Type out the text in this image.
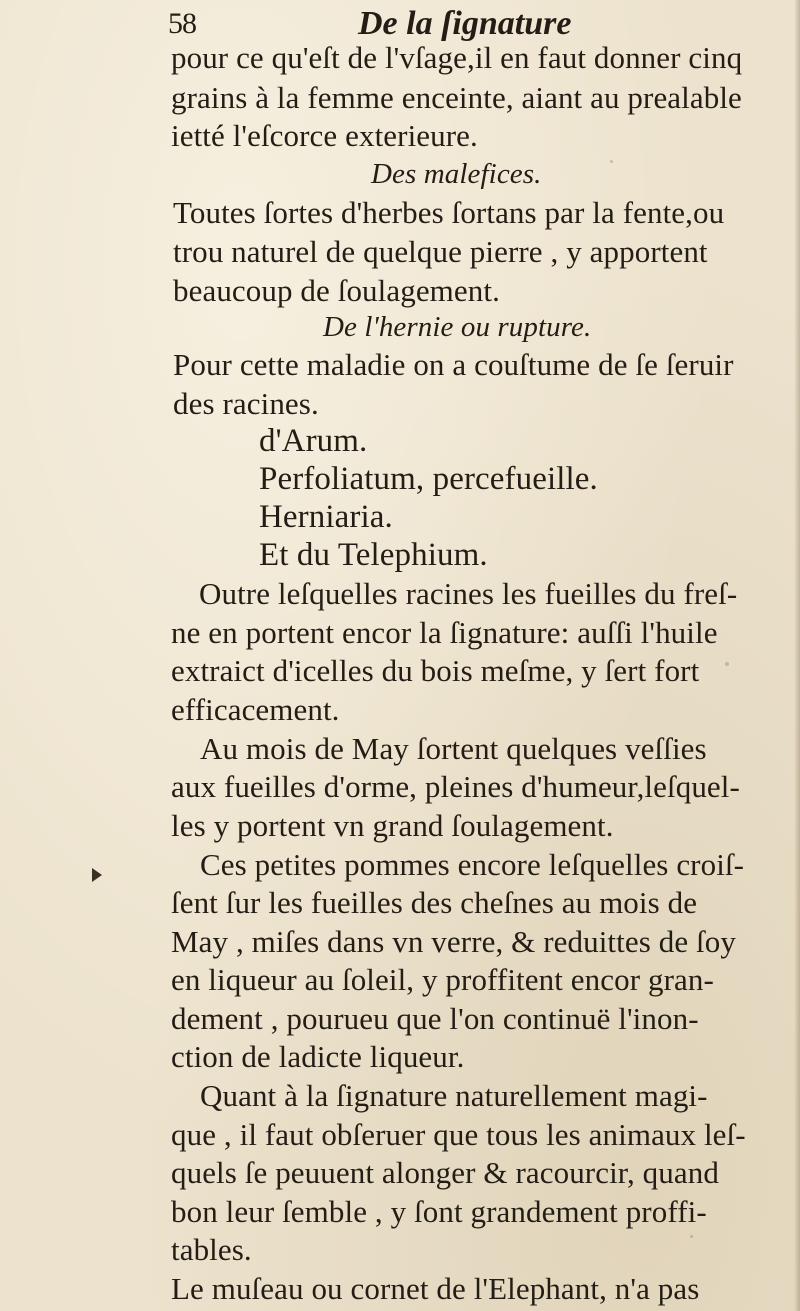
58	De la ſignature
pour ce qu'eſt de l'vſage,il en faut donner cinq
grains à la femme enceinte, aiant au prealable
ietté l'eſcorce exterieure.
Des malefices.
Toutes ſortes d'herbes ſortans par la fente,ou
trou naturel de quelque pierre , y apportent
beaucoup de ſoulagement.
De l'hernie ou rupture.
Pour cette maladie on a couſtume de ſe ſeruir
des racines.
d'Arum.
Perfoliatum, percefueille.
Herniaria.
Et du Telephium.
Outre leſquelles racines les fueilles du freſ-
ne en portent encor la ſignature: auſſi l'huile
extraict d'icelles du bois meſme, y ſert fort
efficacement.
Au mois de May ſortent quelques veſſies
aux fueilles d'orme, pleines d'humeur,leſquel-
les y portent vn grand ſoulagement.
Ces petites pommes encore leſquelles croiſ-
ſent ſur les fueilles des cheſnes au mois de
May , miſes dans vn verre, & reduittes de ſoy
en liqueur au ſoleil, y proffitent encor gran-
dement , pourueu que l'on continuë l'inon-
ction de ladicte liqueur.
Quant à la ſignature naturellement magi-
que , il faut obſeruer que tous les animaux leſ-
quels ſe peuuent alonger & racourcir, quand
bon leur ſemble , y ſont grandement proffi-
tables.
Le muſeau ou cornet de l'Elephant, n'a pas
